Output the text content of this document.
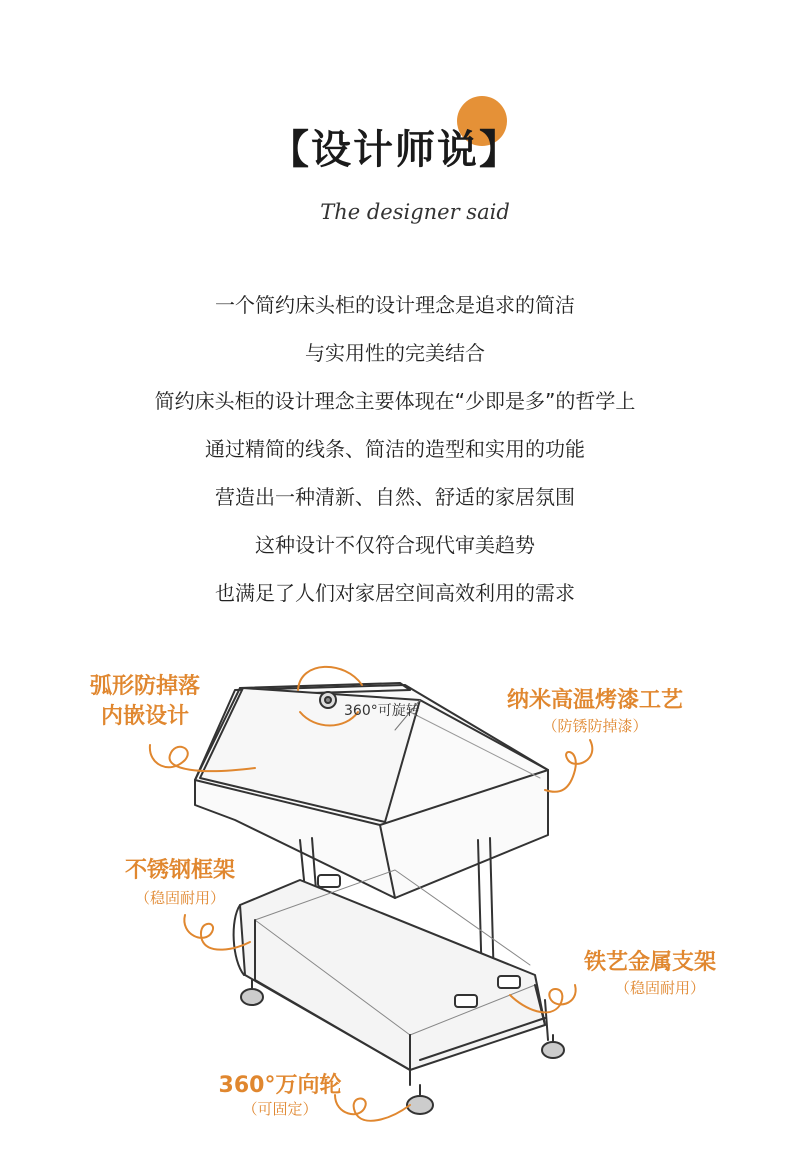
【设计师说】
The designer said
一个简约床头柜的设计理念是追求的简洁
与实用性的完美结合
简约床头柜的设计理念主要体现在“少即是多”的哲学上
通过精简的线条、简洁的造型和实用的功能
营造出一种清新、自然、舒适的家居氛围
这种设计不仅符合现代审美趋势
也满足了人们对家居空间高效利用的需求
弧形防掉落
内嵌设计	360°可旋转	纳米高温烤漆工艺
（防锈防掉漆）
不锈钢框架
（稳固耐用）
铁艺金属支架
（稳固耐用）
360°万向轮
（可固定）
